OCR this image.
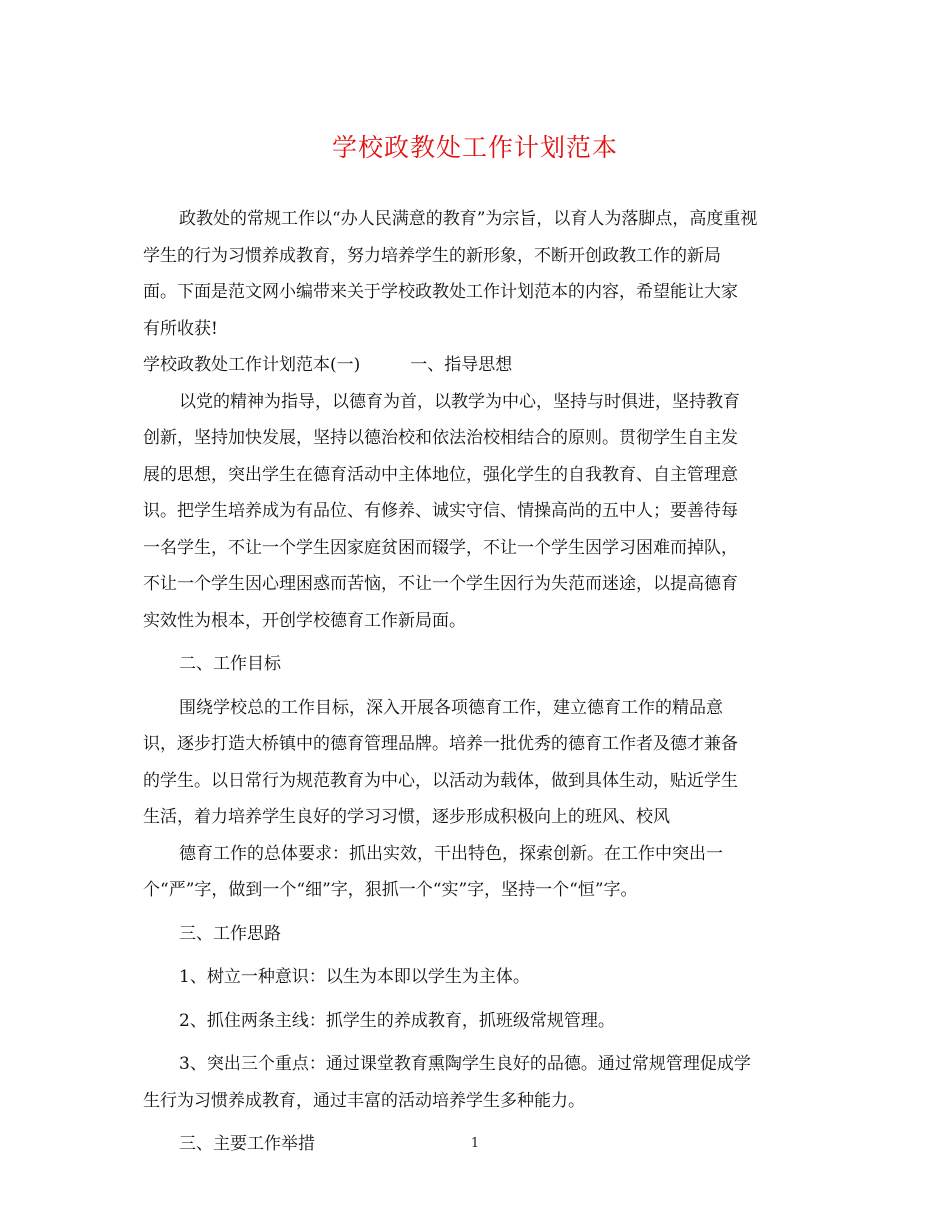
学校政教处工作计划范本
政教处的常规工作以“办人民满意的教育”为宗旨，以育人为落脚点，高度重视
学生的行为习惯养成教育，努力培养学生的新形象，不断开创政教工作的新局
面。下面是范文网小编带来关于学校政教处工作计划范本的内容，希望能让大家
有所收获!
学校政教处工作计划范本(一)	一、指导思想
以党的精神为指导，以德育为首，以教学为中心，坚持与时俱进，坚持教育
创新，坚持加快发展，坚持以德治校和依法治校相结合的原则。贯彻学生自主发
展的思想，突出学生在德育活动中主体地位，强化学生的自我教育、自主管理意
识。把学生培养成为有品位、有修养、诚实守信、情操高尚的五中人；要善待每
一名学生，不让一个学生因家庭贫困而辍学，不让一个学生因学习困难而掉队，
不让一个学生因心理困惑而苦恼，不让一个学生因行为失范而迷途，以提高德育
实效性为根本，开创学校德育工作新局面。
二、工作目标
围绕学校总的工作目标，深入开展各项德育工作，建立德育工作的精品意
识，逐步打造大桥镇中的德育管理品牌。培养一批优秀的德育工作者及德才兼备
的学生。以日常行为规范教育为中心，以活动为载体，做到具体生动，贴近学生
生活，着力培养学生良好的学习习惯，逐步形成积极向上的班风、校风
德育工作的总体要求：抓出实效，干出特色，探索创新。在工作中突出一
个“严”字，做到一个“细”字，狠抓一个“实”字，坚持一个“恒”字。
三、工作思路
1、树立一种意识：以生为本即以学生为主体。
2、抓住两条主线：抓学生的养成教育，抓班级常规管理。
3、突出三个重点：通过课堂教育熏陶学生良好的品德。通过常规管理促成学
生行为习惯养成教育，通过丰富的活动培养学生多种能力。
三、主要工作举措	1
